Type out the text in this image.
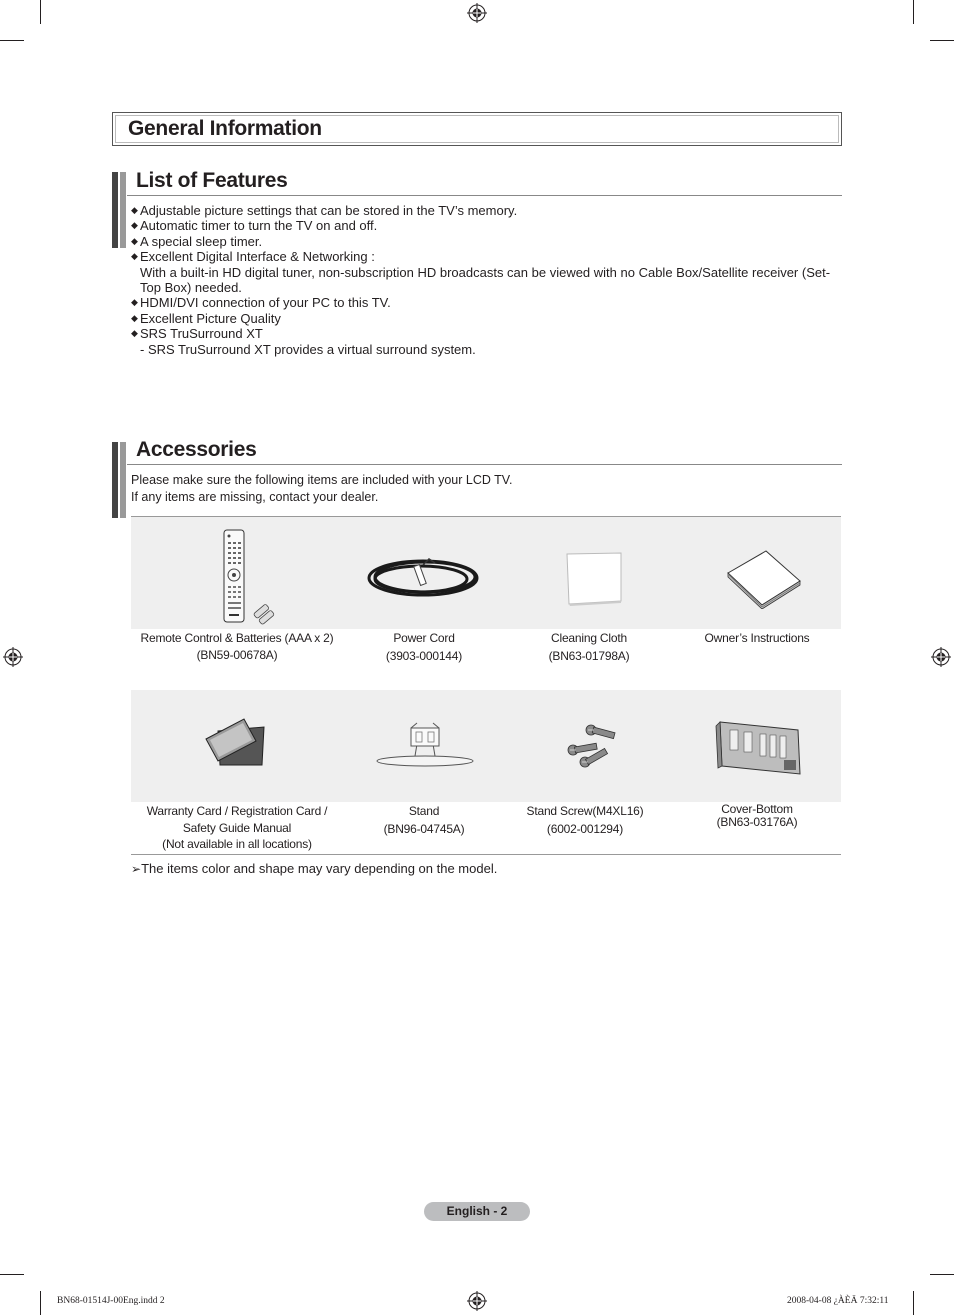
General Information
List of Features
◆ Adjustable picture settings that can be stored in the TV’s memory.
◆ Automatic timer to turn the TV on and off.
◆ A special sleep timer.
◆ Excellent Digital Interface & Networking :
With a built-in HD digital tuner, non-subscription HD broadcasts can be viewed with no Cable Box/Satellite receiver (Set-Top Box) needed.
◆ HDMI/DVI connection of your PC to this TV.
◆ Excellent Picture Quality
◆ SRS TruSurround XT
- SRS TruSurround XT provides a virtual surround system.
Accessories
Please make sure the following items are included with your LCD TV.
If any items are missing, contact your dealer.
Remote Control & Batteries (AAA x 2)
(BN59-00678A)
Power Cord
(3903-000144)
Cleaning Cloth
(BN63-01798A)
Owner’s Instructions
Warranty Card / Registration Card /
Safety Guide Manual
(Not available in all locations)
Stand
(BN96-04745A)
Stand Screw(M4XL16)
(6002-001294)
Cover-Bottom
(BN63-03176A)
➢The items color and shape may vary depending on the model.
English - 2
BN68-01514J-00Eng.indd 2	2008-04-08 ¿ÀÈÄ 7:32:11
